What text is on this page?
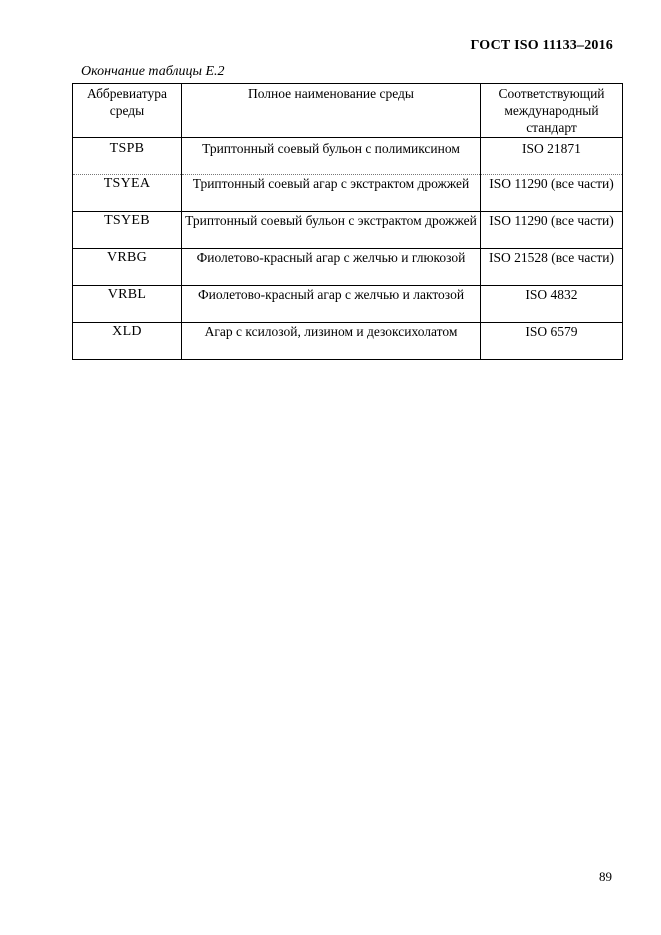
ГОСТ ISO 11133–2016
Окончание таблицы Е.2
Аббревиатура среды	Полное наименование среды	Соответствующий международный стандарт
TSPB	Триптонный соевый бульон с полимиксином	ISO 21871
TSYEA	Триптонный соевый агар с экстрактом дрожжей	ISO 11290 (все части)
TSYEB	Триптонный соевый бульон с экстрактом дрожжей	ISO 11290 (все части)
VRBG	Фиолетово-красный агар с желчью и глюкозой	ISO 21528 (все части)
VRBL	Фиолетово-красный агар с желчью и лактозой	ISO 4832
XLD	Агар с ксилозой, лизином и дезоксихолатом	ISO 6579
89
